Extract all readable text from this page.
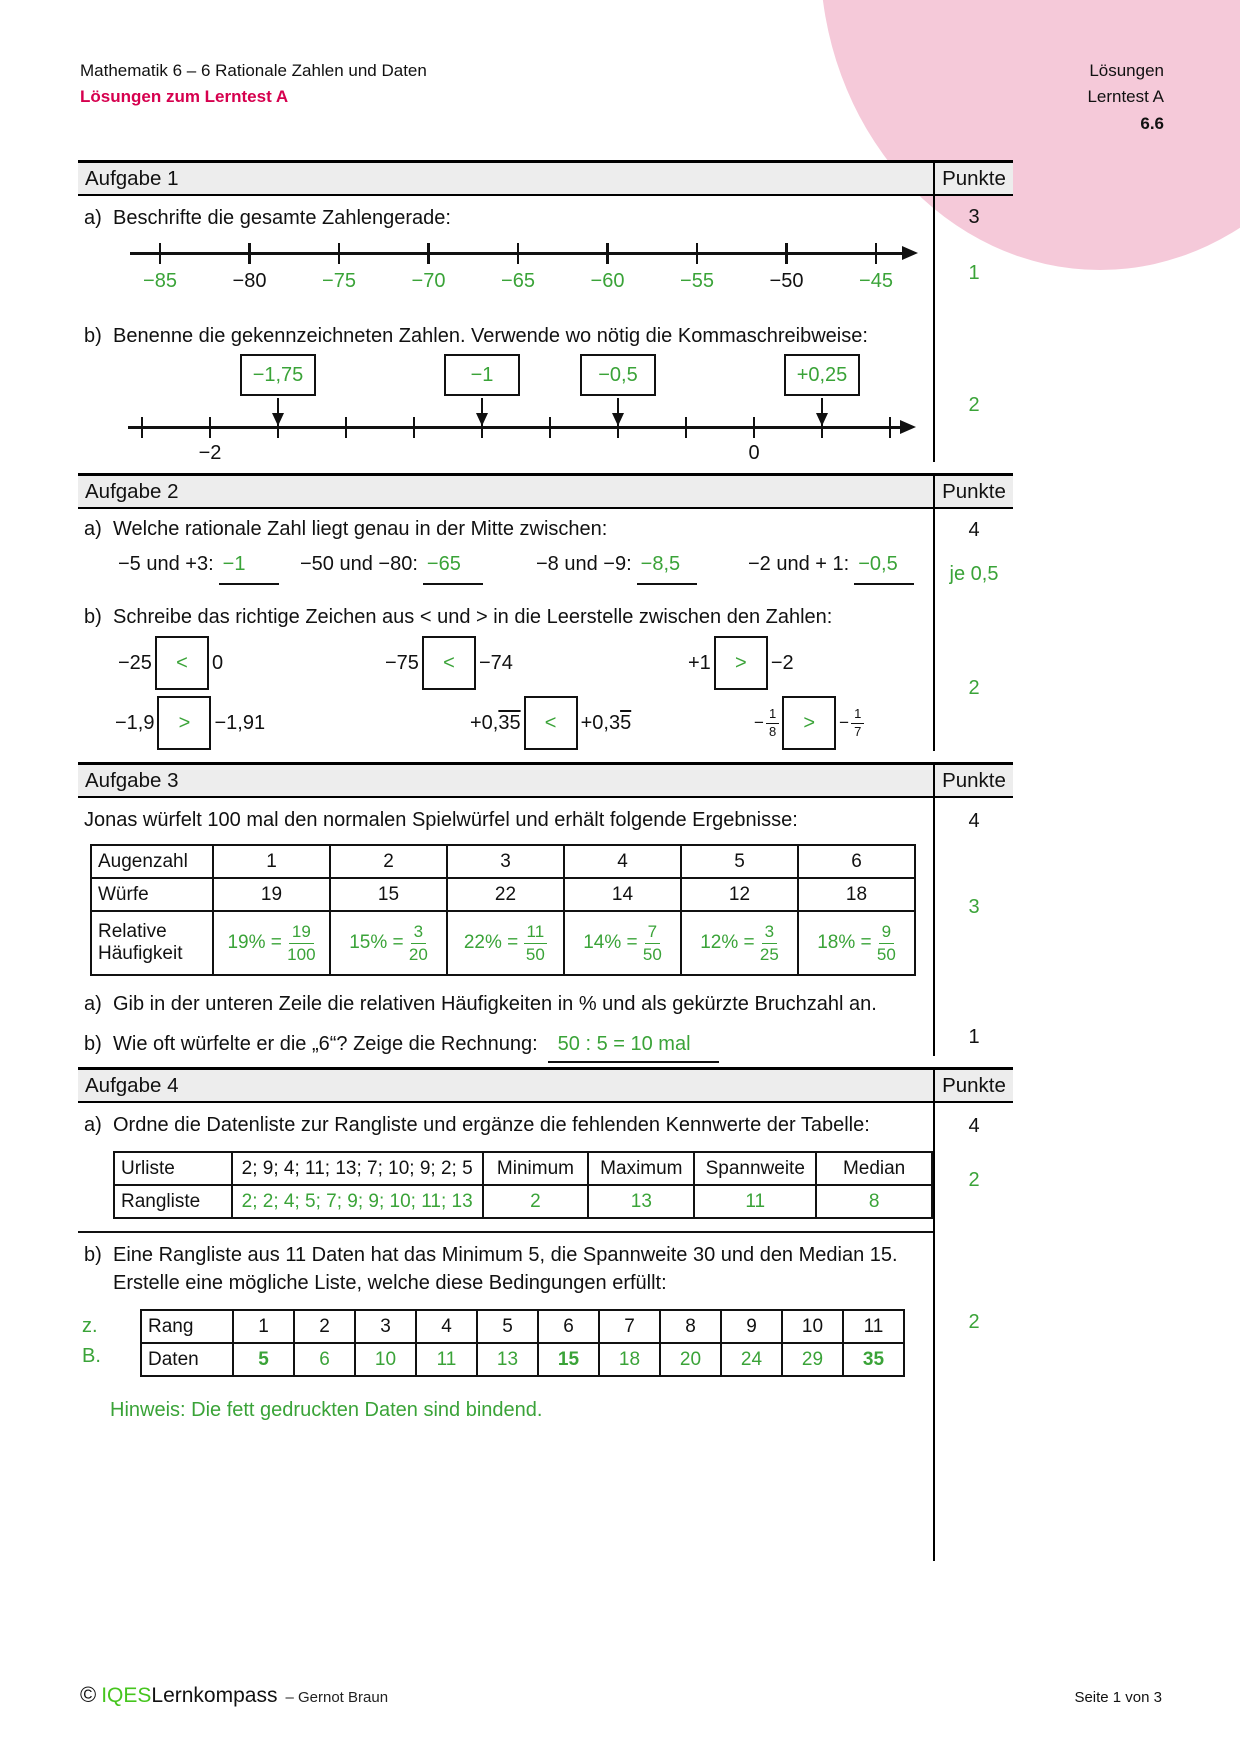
Mathematik 6 – 6 Rationale Zahlen und Daten
Lösungen zum Lerntest A
Lösungen
Lerntest A
6.6
Aufgabe 1	Punkte
a) Beschrifte die gesamte Zahlengerade:
−85	−80	−75	−70	−65	−60	−55	−50	−45
b) Benenne die gekennzeichneten Zahlen. Verwende wo nötig die Kommaschreibweise:
−1,75	−1	−0,5	+0,25
−2	0
3
1
2
Aufgabe 2	Punkte
a) Welche rationale Zahl liegt genau in der Mitte zwischen:
−5 und +3: −1	−50 und −80: −65	−8 und −9: −8,5	−2 und + 1: −0,5
b) Schreibe das richtige Zeichen aus < und > in die Leerstelle zwischen den Zahlen:
−25	<	0	−75	<	−74	+1	>	−2
−1,9	>	−1,91	+0,35	<	+0,35	− $\frac{1}{8}$	>	− $\frac{1}{7}$
4
je 0,5
2
Aufgabe 3	Punkte
Jonas würfelt 100 mal den normalen Spielwürfel und erhält folgende Ergebnisse:
Augenzahl	1	2	3	4	5	6
Würfe	19	15	22	14	12	18

Relative
Häufigkeit
	$19\% = \frac{19}{100}$	$15\% = \frac{3}{20}$	$22\% = \frac{11}{50}$	$14\% = \frac{7}{50}$	$12\% = \frac{3}{25}$	$18\% = \frac{9}{50}$
a) Gib in der unteren Zeile die relativen Häufigkeiten in % und als gekürzte Bruchzahl an.
b) Wie oft würfelte er die „6“? Zeige die Rechnung: 50 : 5 = 10 mal
4
3
1
Aufgabe 4	Punkte
a) Ordne die Datenliste zur Rangliste und ergänze die fehlenden Kennwerte der Tabelle:
Urliste	2; 9; 4; 11; 13; 7; 10; 9; 2; 5	Minimum	Maximum	Spannweite	Median
Rangliste	2; 2; 4; 5; 7; 9; 9; 10; 11; 13	2	13	11	8
b) Eine Rangliste aus 11 Daten hat das Minimum 5, die Spannweite 30 und den Median 15.
Erstelle eine mögliche Liste, welche diese Bedingungen erfüllt:
z.
B.
Rang	1	2	3	4	5	6	7	8	9	10	11
Daten	5	6	10	11	13	15	18	20	24	29	35
Hinweis: Die fett gedruckten Daten sind bindend.
4
2
2
© IQES Lernkompass – Gernot Braun	Seite 1 von 3
